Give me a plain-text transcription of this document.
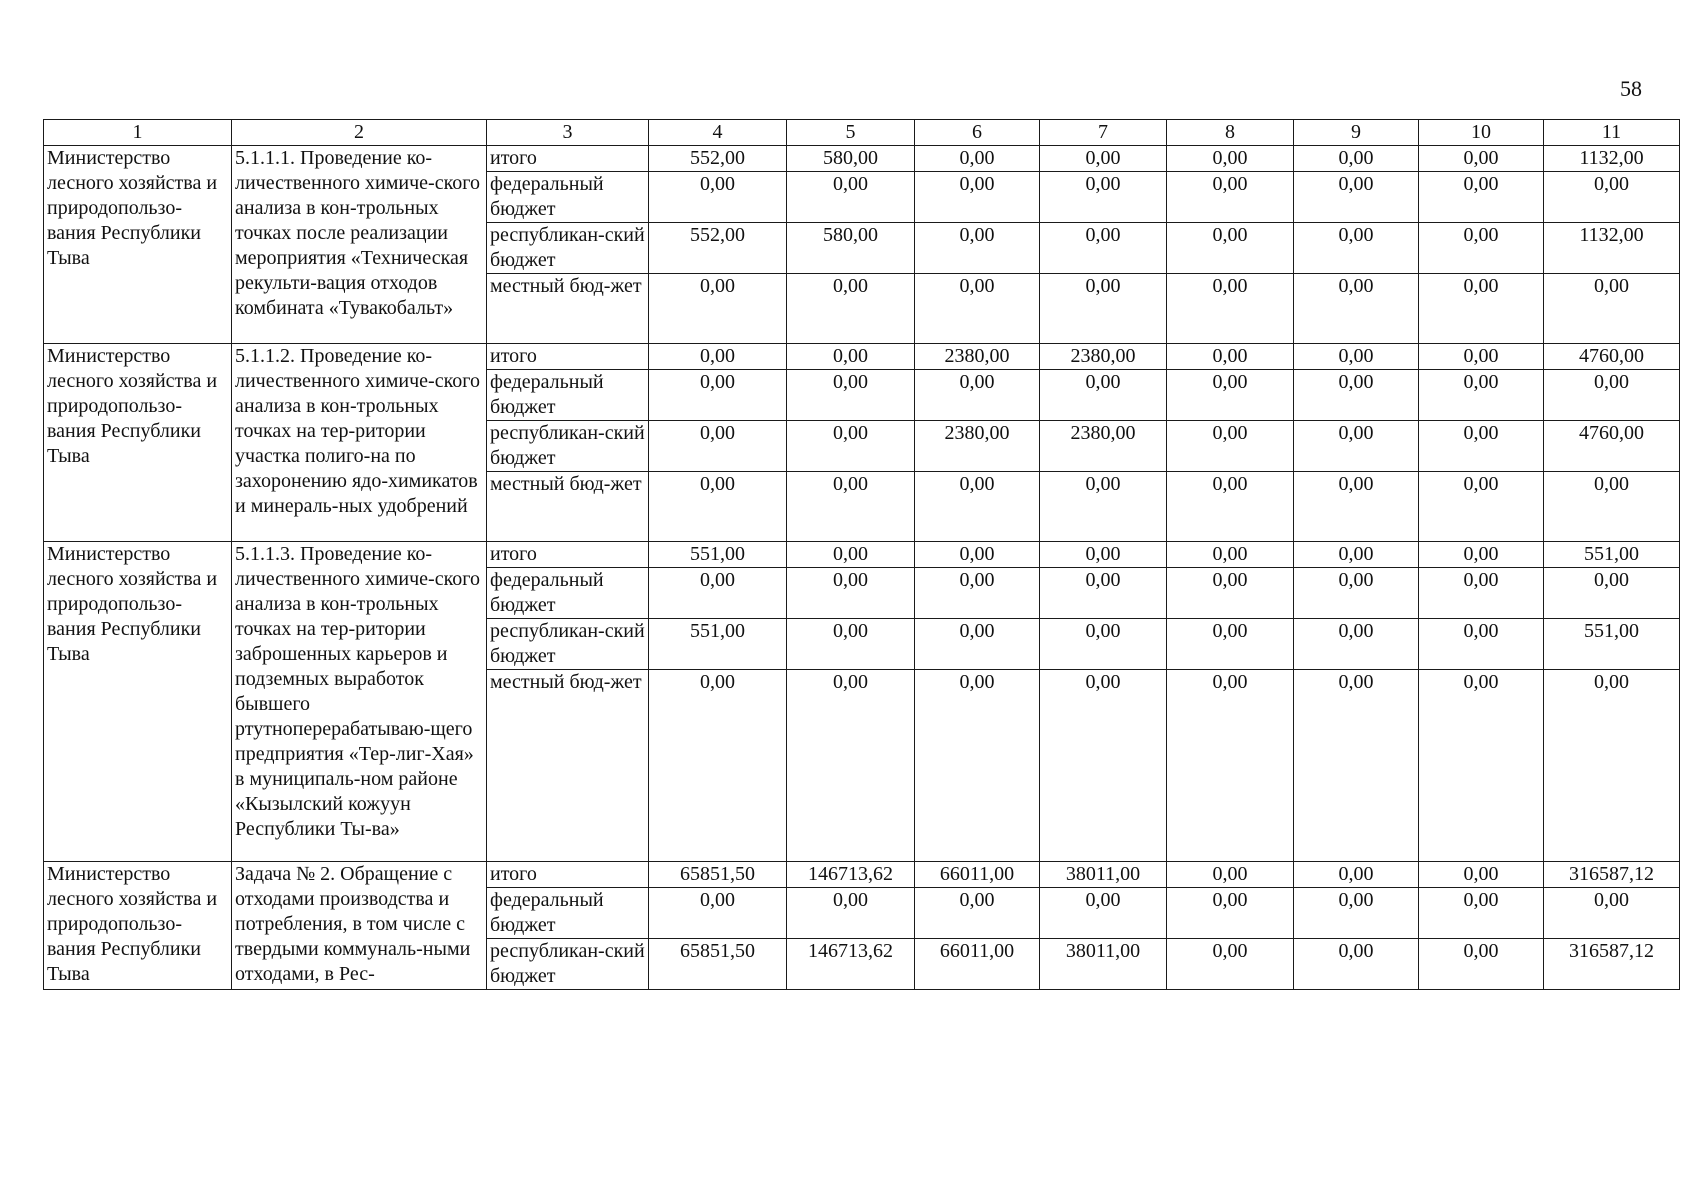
58
1	2	3	4	5	6	7	8	9	10	11
Министерство лесного хозяйства и природопользо-вания Республики Тыва	5.1.1.1. Проведение ко-личественного химиче-ского анализа в кон-трольных точках после реализации мероприятия «Техническая рекульти-вация отходов комбината «Тувакобальт»	итого	552,00	580,00	0,00	0,00	0,00	0,00	0,00	1132,00
		федеральный бюджет	0,00	0,00	0,00	0,00	0,00	0,00	0,00	0,00
		республикан-ский бюджет	552,00	580,00	0,00	0,00	0,00	0,00	0,00	1132,00
		местный бюд-жет	0,00	0,00	0,00	0,00	0,00	0,00	0,00	0,00
Министерство лесного хозяйства и природопользо-вания Республики Тыва	5.1.1.2. Проведение ко-личественного химиче-ского анализа в кон-трольных точках на тер-ритории участка полиго-на по захоронению ядо-химикатов и минераль-ных удобрений	итого	0,00	0,00	2380,00	2380,00	0,00	0,00	0,00	4760,00
		федеральный бюджет	0,00	0,00	0,00	0,00	0,00	0,00	0,00	0,00
		республикан-ский бюджет	0,00	0,00	2380,00	2380,00	0,00	0,00	0,00	4760,00
		местный бюд-жет	0,00	0,00	0,00	0,00	0,00	0,00	0,00	0,00
Министерство лесного хозяйства и природопользо-вания Республики Тыва	5.1.1.3. Проведение ко-личественного химиче-ского анализа в кон-трольных точках на тер-ритории заброшенных карьеров и подземных выработок бывшего ртутноперерабатываю-щего предприятия «Тер-лиг-Хая» в муниципаль-ном районе «Кызылский кожуун Республики Ты-ва»	итого	551,00	0,00	0,00	0,00	0,00	0,00	0,00	551,00
		федеральный бюджет	0,00	0,00	0,00	0,00	0,00	0,00	0,00	0,00
		республикан-ский бюджет	551,00	0,00	0,00	0,00	0,00	0,00	0,00	551,00
		местный бюд-жет	0,00	0,00	0,00	0,00	0,00	0,00	0,00	0,00
Министерство лесного хозяйства и природопользо-вания Республики Тыва	Задача № 2. Обращение с отходами производства и потребления, в том числе с твердыми коммуналь-ными отходами, в Рес-	итого	65851,50	146713,62	66011,00	38011,00	0,00	0,00	0,00	316587,12
		федеральный бюджет	0,00	0,00	0,00	0,00	0,00	0,00	0,00	0,00
		республикан-ский бюджет	65851,50	146713,62	66011,00	38011,00	0,00	0,00	0,00	316587,12
